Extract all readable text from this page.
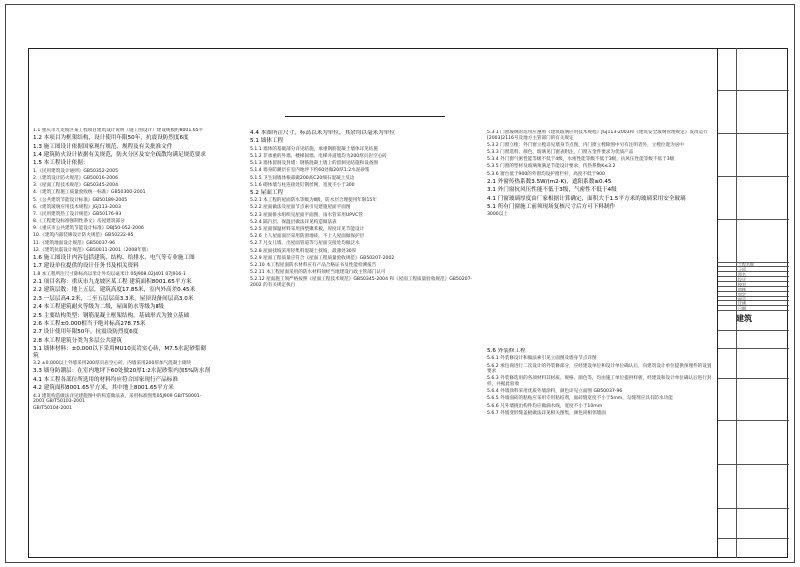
工程名称
子项
图名
设计
校对
审核
审定
图号
比例
日期
建筑

1.1 重庆市九龙坡区某工程项目建筑设计说明（施工图设计）建设规模约8001.65平

1.2 本项目为框架结构，设计使用年限50年，抗震设防烈度6度

1.3 施工图设计依据国家现行规范、规程及有关批准文件

1.4 建筑防火设计依据有关规范，防火分区及安全疏散均满足规范要求

1.5 本工程设计依据：

1.《民用建筑设计通则》GB50352-2005

2.《建筑设计防火规范》GB50016-2006

3.《屋面工程技术规范》GB50345-2004

4.《建筑工程施工质量验收统一标准》GB50300-2001

5.《公共建筑节能设计标准》GB50189-2005

6.《建筑玻璃应用技术规程》JGJ113-2003

7.《民用建筑热工设计规范》GB50176-93

8.《工程建设标准强制性条文》房屋建筑部分

9.《重庆市公共建筑节能设计标准》DBJ50-052-2006

10.《建筑内部装修设计防火规范》GB50222-95

11.《建筑地面设计规范》GB50037-96

12.《建筑抗震设计规范》GB50011-2001（2008年版）

1.6 施工图设计内容包括建筑、结构、给排水、电气等专业施工图

1.7 建设单位提供的设计任务书及相关资料

1.8 本工程所注尺寸除标高以米计外均以毫米计 05J908.02J401 07J916-1

2.1 项目名称：重庆市九龙坡区某工程 建筑面积8001.65平方米

2.2 建筑层数：地上五层，建筑高度17.85米，室内外高差0.45米

2.3 一层层高4.2米，二至五层层高3.3米，屋顶设备间层高3.0米

2.4 本工程建筑耐火等级为二级，屋面防水等级为Ⅱ级

2.5 主要结构类型：钢筋混凝土框架结构，基础形式为独立基础

2.6 本工程±0.000相当于绝对标高278.75米

2.7 设计使用年限50年，抗震设防烈度6度

2.8 本工程建筑分类为多层公共建筑

3.1 墙体材料：±0.000以下采用MU10页岩实心砖，M7.5水泥砂浆砌筑

3.2 ±0.000以上外墙采用200厚页岩空心砖，内墙采用200厚加气混凝土砌块

3.3 墙身防潮层：在室内地坪下60处做20厚1:2水泥砂浆内加5%防水剂

4.1 本工程各部位所选用的材料均应符合国家现行产品标准

4.2 建筑面积8001.65平方米，其中地上8001.65平方米

4.3 建筑构造做法详见建施图中的构造做法表，采用标准图集05J909 GB/T50001-2001 G8/T50103-2001

GB/T50104-2001

4.4 本图所注尺寸，标高以米为单位，其余均以毫米为单位

5.1 墙体工程

5.1.1 墙体的基础部分详见结施，承重钢筋混凝土墙体详见结施

5.1.2 非承重的外墙、楼梯间墙、电梯井道墙均为200厚页岩空心砖

5.1.3 墙体留洞及封堵：钢筋混凝土墙上的留洞见结施和设备图

5.1.4 墙身防潮层在室内地坪下约60处做20厚1:2水泥砂浆

5.1.5 卫生间墙体根部做200高C20细石混凝土反边

5.1.6 砌体墙与柱连接处钉钢丝网，宽度不小于300

5.2 屋面工程

5.2.1 本工程的屋面防水等级为Ⅱ级，防水层合理使用年限15年

5.2.2 屋面做法及屋面节点索引见建施屋面平面图

5.2.3 屋面排水组织见屋面平面图，雨水管采用UPVC管

5.2.4 隔汽层、保温层做法详见构造做法表

5.2.5 屋面保温材料采用挤塑聚苯板，厚度详见节能设计

5.2.6 上人屋面面层采用防滑地砖，不上人屋面做保护层

5.2.7 凡女儿墙、出屋面管道等与屋面交接处均做泛水

5.2.8 屋面找坡采用轻集料混凝土找坡，最薄处30厚

5.2.9 屋面工程质量应符合《屋面工程质量验收规范》GB50207-2002

5.2.10 本工程屋面防水材料应有产品合格证书及性能检测报告

5.2.11 本工程屋面采用的防水材料须经当地建设行政主管部门认可

5.2.12 屋面施工须严格按照《屋面工程技术规范》GB50345-2004 和《屋面工程质量验收规范》GB50207-2002 的有关规定执行

5.3.1 门窗玻璃的选用应遵照《建筑玻璃应用技术规程》JGJ113-2003和《建筑安全玻璃管理规定》发改运行[2003]2116号及地方主管部门的有关规定

5.3.2 门窗立樘：外门窗立樘详见墙身节点图，内门窗立樘除图中另有注明者外，立樘位置为居中

5.3.3 门窗选料、颜色、玻璃见门窗表附注，门窗五金件要求为优质产品

5.3.4 外门窗气密性能等级不低于4级，水密性能等级不低于3级，抗风压性能等级不低于3级

5.3.5 门窗的型材及玻璃须满足节能设计要求，传热系数K≤3.2

5.3.6 窗台低于900的外窗均设护窗栏杆，高度不低于900

2.1 外窗传热系数3.5W/(m2·K)，遮阳系数≤0.45

3.1 外门窗抗风压性能不低于3级，气密性不低于4级

4.1 门窗玻璃厚度由厂家根据计算确定，面积大于1.5平方米的玻璃采用安全玻璃

5.1 所有门窗施工前须现场复核尺寸后方可下料制作

3000以上

5.6 外装修工程

5.6.1 外装修设计和做法索引见立面图及墙身节点详图

5.6.2 承包商进行二次设计的外装修部分，应经建设单位和设计单位确认后，向建筑设计单位提供预埋件的设置要求

5.6.3 外装修选用的各项材料其材质、规格、颜色等，均由施工单位提供样板，经建设和设计单位确认后进行封样，并据此验收

5.6.4 外墙涂料采用优质外墙涂料，颜色详见立面图 GB50037-96

5.6.5 外墙面砖的粘贴应采用专用粘结剂，面砖缝宽度不小于5mm，勾缝剂应具有防水功能

5.6.6 凡外墙挑出构件均应做滴水线，宽度不小于10mm

5.6.7 外墙变形缝盖板做法详见相关图集，颜色同相邻墙面
